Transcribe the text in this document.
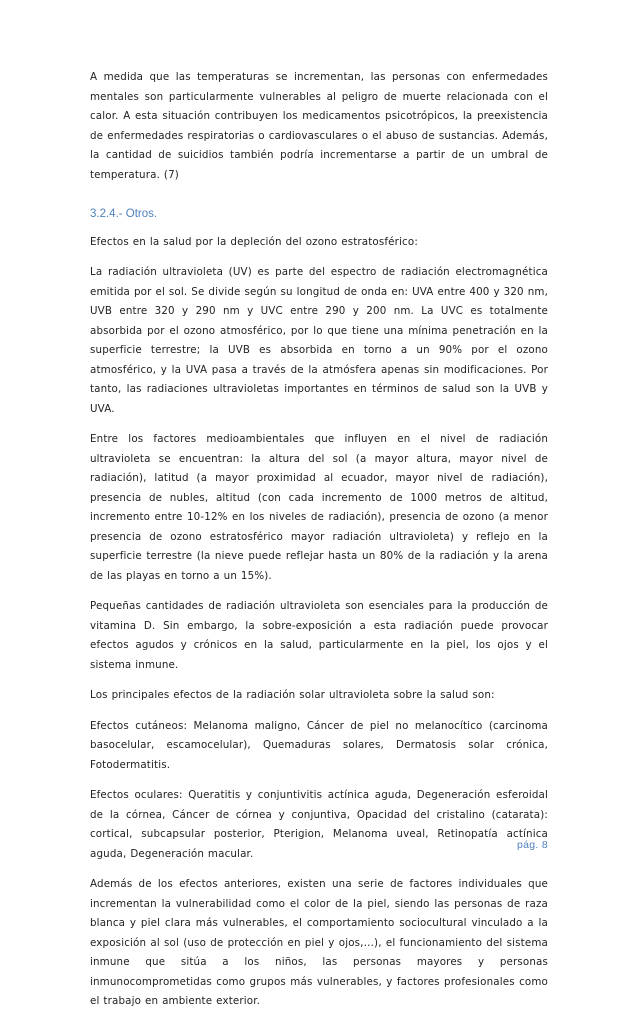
A medida que las temperaturas se incrementan, las personas con enfermedades mentales son particularmente vulnerables al peligro de muerte relacionada con el calor. A esta situación contribuyen los medicamentos psicotrópicos, la preexistencia de enfermedades respiratorias o cardiovasculares o el abuso de sustancias. Además, la cantidad de suicidios también podría incrementarse a partir de un umbral de temperatura. (7)

3.2.4.- Otros.

Efectos en la salud por la depleción del ozono estratosférico:

La radiación ultravioleta (UV) es parte del espectro de radiación electromagnética emitida por el sol. Se divide según su longitud de onda en: UVA entre 400 y 320 nm, UVB entre 320 y 290 nm y UVC entre 290 y 200 nm. La UVC es totalmente absorbida por el ozono atmosférico, por lo que tiene una mínima penetración en la superficie terrestre; la UVB es absorbida en torno a un 90% por el ozono atmosférico, y la UVA pasa a través de la atmósfera apenas sin modificaciones. Por tanto, las radiaciones ultravioletas importantes en términos de salud son la UVB y UVA.

Entre los factores medioambientales que influyen en el nivel de radiación ultravioleta se encuentran: la altura del sol (a mayor altura, mayor nivel de radiación), latitud (a mayor proximidad al ecuador, mayor nivel de radiación), presencia de nubles, altitud (con cada incremento de 1000 metros de altitud, incremento entre 10-12% en los niveles de radiación), presencia de ozono (a menor presencia de ozono estratosférico mayor radiación ultravioleta) y reflejo en la superficie terrestre (la nieve puede reflejar hasta un 80% de la radiación y la arena de las playas en torno a un 15%).

Pequeñas cantidades de radiación ultravioleta son esenciales para la producción de vitamina D. Sin embargo, la sobre-exposición a esta radiación puede provocar efectos agudos y crónicos en la salud, particularmente en la piel, los ojos y el sistema inmune.

Los principales efectos de la radiación solar ultravioleta sobre la salud son:

Efectos cutáneos: Melanoma maligno, Cáncer de piel no melanocítico (carcinoma basocelular, escamocelular), Quemaduras solares, Dermatosis solar crónica, Fotodermatitis.

Efectos oculares: Queratitis y conjuntivitis actínica aguda, Degeneración esferoidal de la córnea, Cáncer de córnea y conjuntiva, Opacidad del cristalino (catarata): cortical, subcapsular posterior, Pterigion, Melanoma uveal, Retinopatía actínica aguda, Degeneración macular.

Además de los efectos anteriores, existen una serie de factores individuales que incrementan la vulnerabilidad como el color de la piel, siendo las personas de raza blanca y piel clara más vulnerables, el comportamiento sociocultural vinculado a la exposición al sol (uso de protección en piel y ojos,…), el funcionamiento del sistema inmune que sitúa a los niños, las personas mayores y personas inmunocomprometidas como grupos más vulnerables, y factores profesionales como el trabajo en ambiente exterior.

pág. 8
